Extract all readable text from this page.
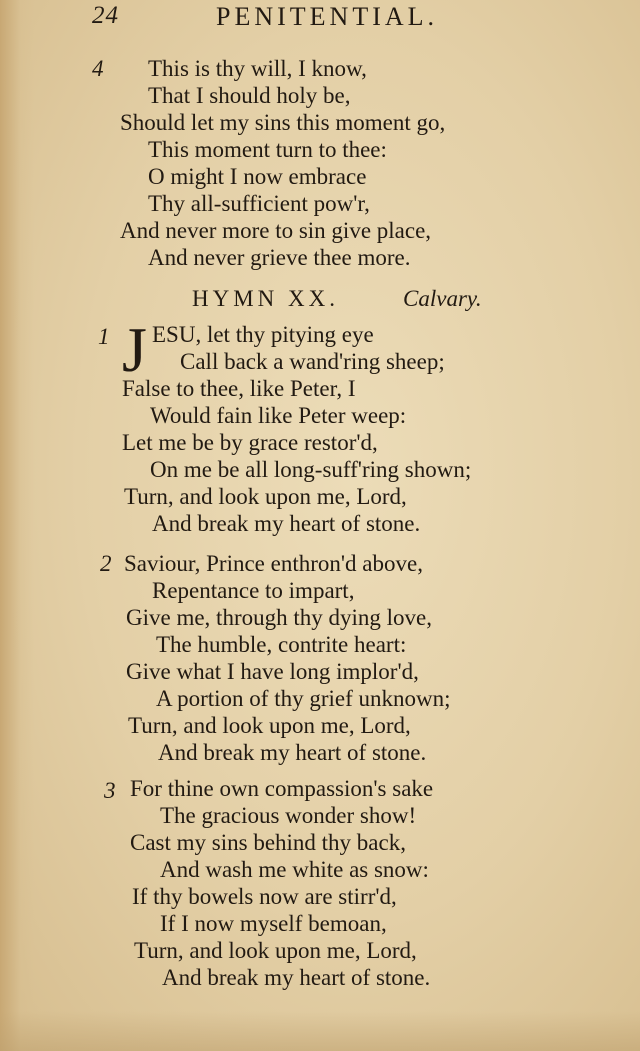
24	PENITENTIAL.
4 This is thy will, I know,
That I should holy be,
Should let my sins this moment go,
This moment turn to thee:
O might I now embrace
Thy all-sufficient pow'r,
And never more to sin give place,
And never grieve thee more.
HYMN XX.	Calvary.
1 J ESU, let thy pitying eye
Call back a wand'ring sheep;
False to thee, like Peter, I
Would fain like Peter weep:
Let me be by grace restor'd,
On me be all long-suff'ring shown;
Turn, and look upon me, Lord,
And break my heart of stone.
2 Saviour, Prince enthron'd above,
Repentance to impart,
Give me, through thy dying love,
The humble, contrite heart:
Give what I have long implor'd,
A portion of thy grief unknown;
Turn, and look upon me, Lord,
And break my heart of stone.
3 For thine own compassion's sake
The gracious wonder show!
Cast my sins behind thy back,
And wash me white as snow:
If thy bowels now are stirr'd,
If I now myself bemoan,
Turn, and look upon me, Lord,
And break my heart of stone.
